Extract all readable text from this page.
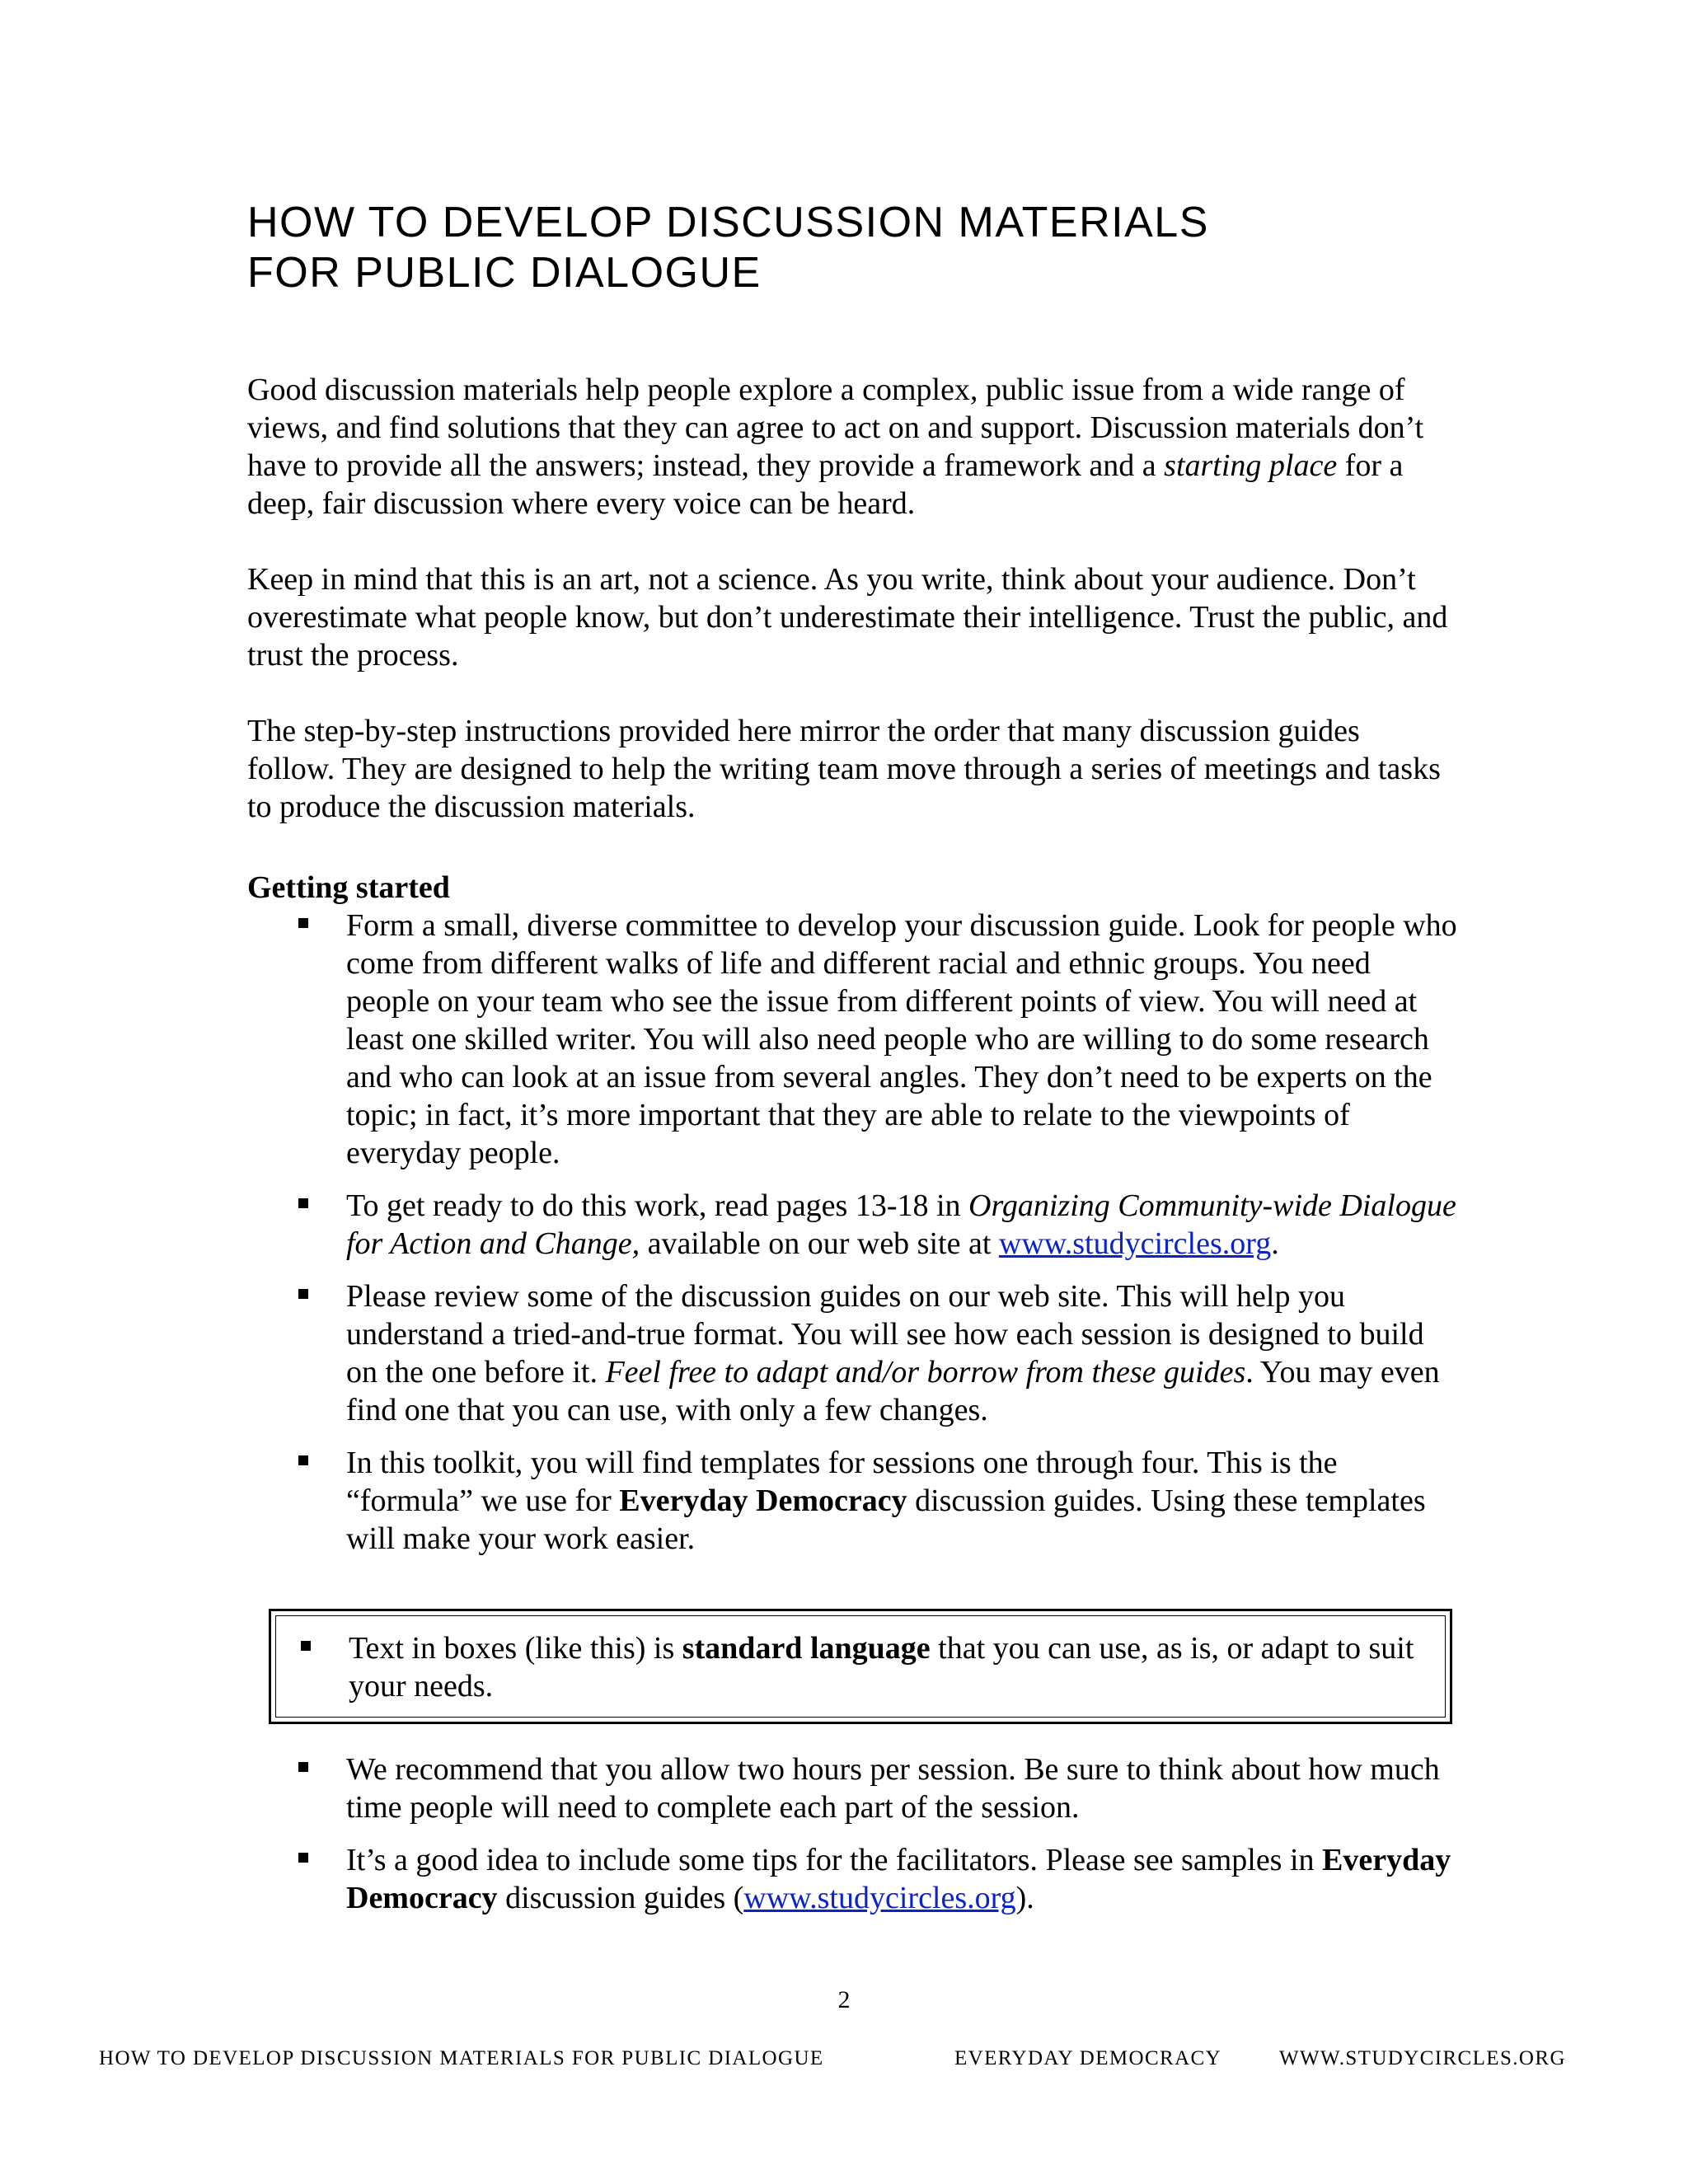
HOW TO DEVELOP DISCUSSION MATERIALS
FOR PUBLIC DIALOGUE

Good discussion materials help people explore a complex, public issue from a wide range of views, and find solutions that they can agree to act on and support. Discussion materials don’t have to provide all the answers; instead, they provide a framework and a starting place for a deep, fair discussion where every voice can be heard.

Keep in mind that this is an art, not a science. As you write, think about your audience. Don’t overestimate what people know, but don’t underestimate their intelligence. Trust the public, and trust the process.

The step-by-step instructions provided here mirror the order that many discussion guides follow. They are designed to help the writing team move through a series of meetings and tasks to produce the discussion materials.

Getting started
Form a small, diverse committee to develop your discussion guide. Look for people who come from different walks of life and different racial and ethnic groups. You need people on your team who see the issue from different points of view. You will need at least one skilled writer. You will also need people who are willing to do some research and who can look at an issue from several angles. They don’t need to be experts on the topic; in fact, it’s more important that they are able to relate to the viewpoints of everyday people.
To get ready to do this work, read pages 13-18 in Organizing Community-wide Dialogue for Action and Change, available on our web site at www.studycircles.org.
Please review some of the discussion guides on our web site. This will help you understand a tried-and-true format. You will see how each session is designed to build on the one before it. Feel free to adapt and/or borrow from these guides. You may even find one that you can use, with only a few changes.
In this toolkit, you will find templates for sessions one through four. This is the “formula” we use for Everyday Democracy discussion guides. Using these templates will make your work easier.
Text in boxes (like this) is standard language that you can use, as is, or adapt to suit your needs.
We recommend that you allow two hours per session. Be sure to think about how much time people will need to complete each part of the session.
It’s a good idea to include some tips for the facilitators. Please see samples in Everyday Democracy discussion guides (www.studycircles.org).
2
HOW TO DEVELOP DISCUSSION MATERIALS FOR PUBLIC DIALOGUE	EVERYDAY DEMOCRACY	WWW.STUDYCIRCLES.ORG
